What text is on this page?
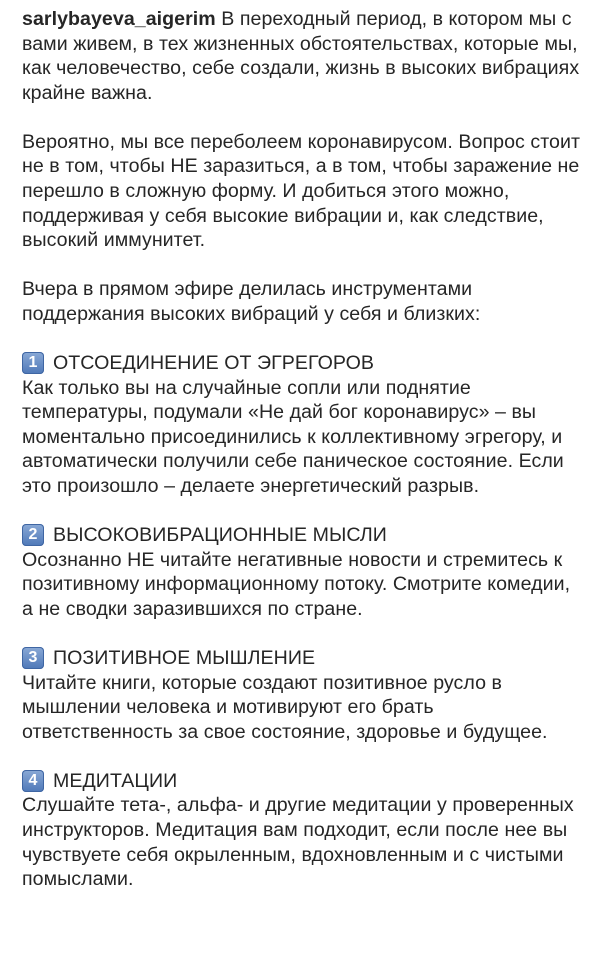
sarlybayeva_aigerim В переходный период, в котором мы с вами живем, в тех жизненных обстоятельствах, которые мы, как человечество, себе создали, жизнь в высоких вибрациях крайне важна.

Вероятно, мы все переболеем коронавирусом. Вопрос стоит не в том, чтобы НЕ заразиться, а в том, чтобы заражение не перешло в сложную форму. И добиться этого можно, поддерживая у себя высокие вибрации и, как следствие, высокий иммунитет.

Вчера в прямом эфире делилась инструментами поддержания высоких вибраций у себя и близких:

1 ОТСОЕДИНЕНИЕ ОТ ЭГРЕГОРОВ

Как только вы на случайные сопли или поднятие температуры, подумали «Не дай бог коронавирус» – вы моментально присоединились к коллективному эгрегору, и автоматически получили себе паническое состояние. Если это произошло – делаете энергетический разрыв.

2 ВЫСОКОВИБРАЦИОННЫЕ МЫСЛИ

Осознанно НЕ читайте негативные новости и стремитесь к позитивному информационному потоку. Смотрите комедии, а не сводки заразившихся по стране.

3 ПОЗИТИВНОЕ МЫШЛЕНИЕ

Читайте книги, которые создают позитивное русло в мышлении человека и мотивируют его брать ответственность за свое состояние, здоровье и будущее.

4 МЕДИТАЦИИ

Слушайте тета-, альфа- и другие медитации у проверенных инструкторов. Медитация вам подходит, если после нее вы чувствуете себя окрыленным, вдохновленным и с чистыми помыслами.
